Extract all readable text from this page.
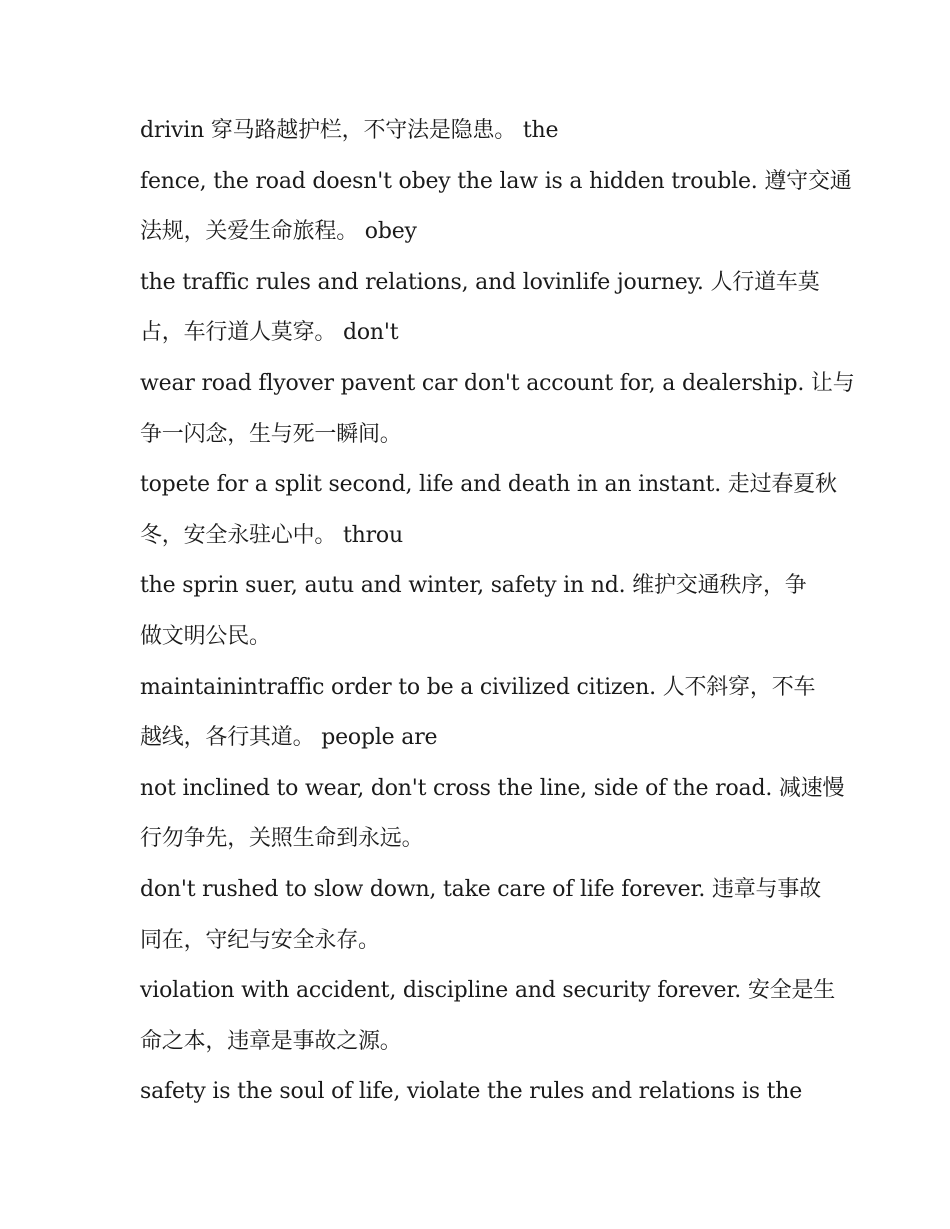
drivin 穿马路越护栏，不守法是隐患。 the
fence, the road doesn't obey the law is a hidden trouble. 遵守交通
法规，关爱生命旅程。 obey
the traffic rules and relations, and lovinlife journey. 人行道车莫
占，车行道人莫穿。 don't
wear road flyover pavent car don't account for, a dealership. 让与
争一闪念，生与死一瞬间。
topete for a split second, life and death in an instant. 走过春夏秋
冬，安全永驻心中。 throu
the sprin suer, autu and winter, safety in nd. 维护交通秩序，争
做文明公民。
maintainintraffic order to be a civilized citizen. 人不斜穿，不车
越线，各行其道。 people are
not inclined to wear, don't cross the line, side of the road. 减速慢
行勿争先，关照生命到永远。
don't rushed to slow down, take care of life forever. 违章与事故
同在，守纪与安全永存。
violation with accident, discipline and security forever. 安全是生
命之本，违章是事故之源。
safety is the soul of life, violate the rules and relations is the
